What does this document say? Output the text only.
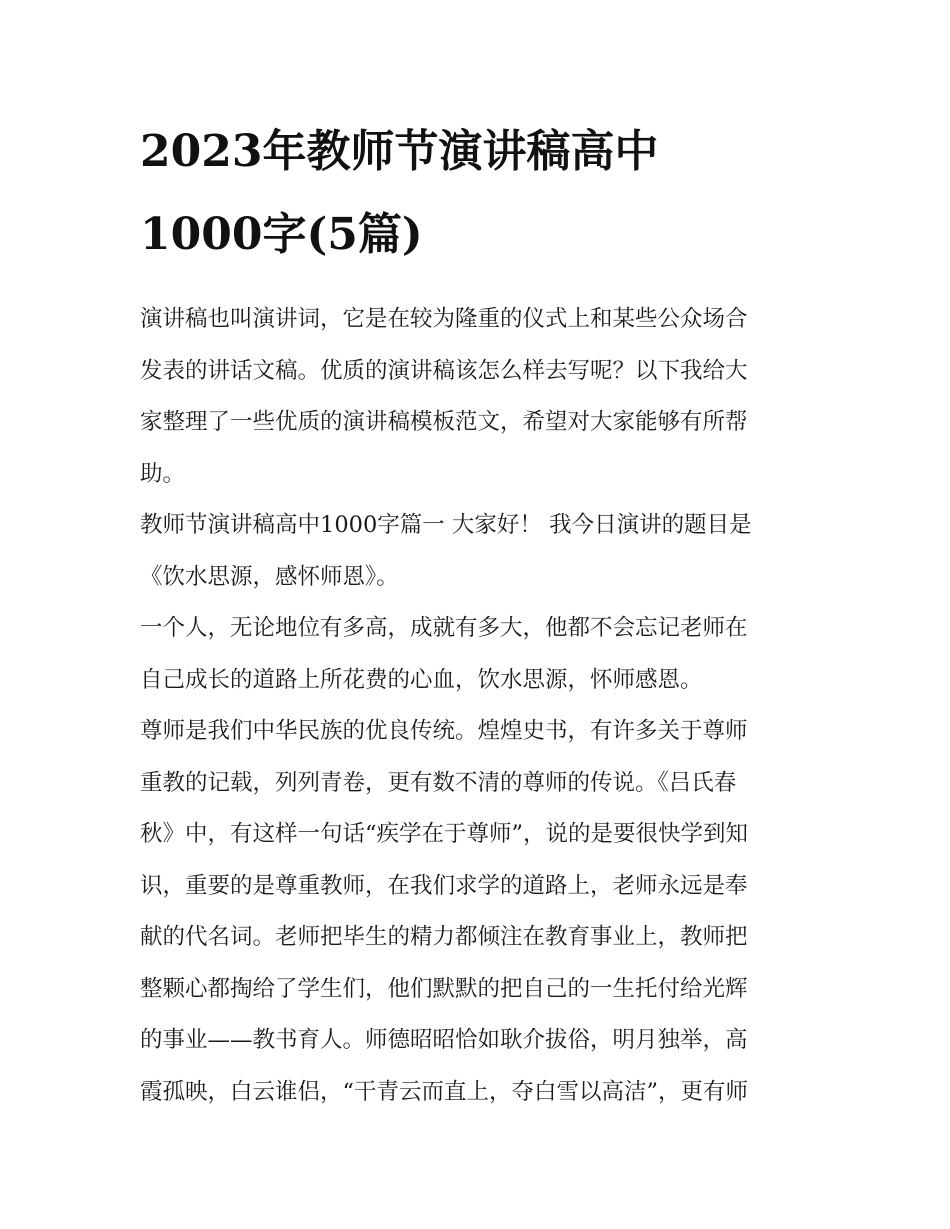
2023年教师节演讲稿高中
1000字(5篇)

演讲稿也叫演讲词，它是在较为隆重的仪式上和某些公众场合
发表的讲话文稿。优质的演讲稿该怎么样去写呢？以下我给大
家整理了一些优质的演讲稿模板范文，希望对大家能够有所帮
助。

教师节演讲稿高中1000字篇一 大家好！ 我今日演讲的题目是
《饮水思源，感怀师恩》。

一个人，无论地位有多高，成就有多大，他都不会忘记老师在
自己成长的道路上所花费的心血，饮水思源，怀师感恩。

尊师是我们中华民族的优良传统。煌煌史书，有许多关于尊师
重教的记载，列列青卷，更有数不清的尊师的传说。《吕氏春
秋》中，有这样一句话“疾学在于尊师”，说的是要很快学到知
识，重要的是尊重教师，在我们求学的道路上，老师永远是奉
献的代名词。老师把毕生的精力都倾注在教育事业上，教师把
整颗心都掏给了学生们，他们默默的把自己的一生托付给光辉
的事业——教书育人。师德昭昭恰如耿介拔俗，明月独举，高
霞孤映，白云谁侣，“干青云而直上，夺白雪以高洁”，更有师
